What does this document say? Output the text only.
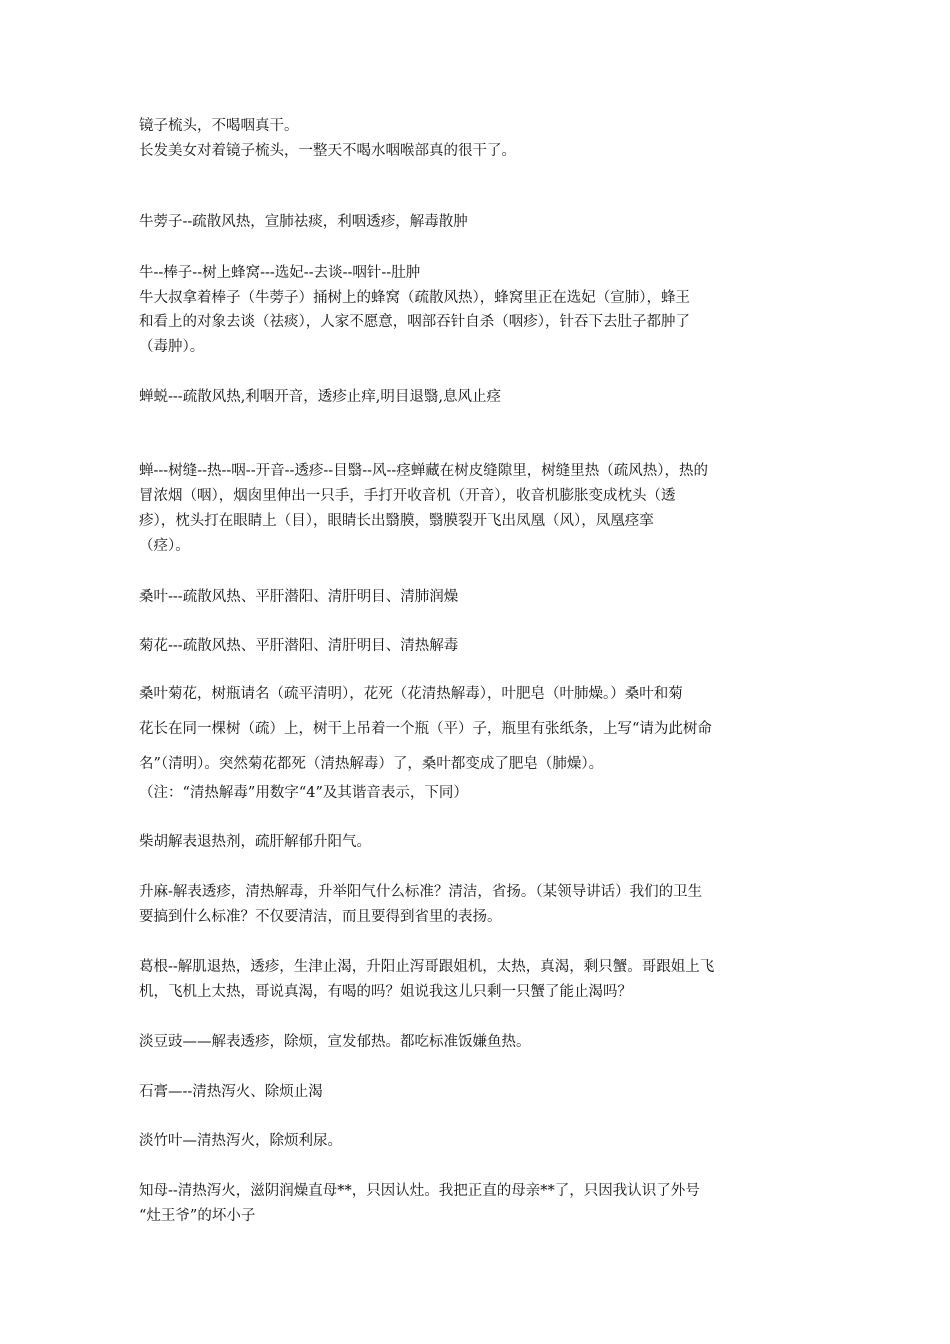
镜子梳头，不喝咽真干。
长发美女对着镜子梳头，一整天不喝水咽喉部真的很干了。
牛蒡子--疏散风热，宣肺祛痰，利咽透疹，解毒散肿
牛--棒子--树上蜂窝---选妃--去谈--咽针--肚肿
牛大叔拿着棒子（牛蒡子）捅树上的蜂窝（疏散风热），蜂窝里正在选妃（宣肺），蜂王
和看上的对象去谈（祛痰），人家不愿意，咽部吞针自杀（咽疹），针吞下去肚子都肿了
（毒肿）。
蝉蜕---疏散风热,利咽开音，透疹止痒,明目退翳,息风止痉
蝉---树缝--热--咽--开音--透疹--目翳--风--痉蝉藏在树皮缝隙里，树缝里热（疏风热），热的
冒浓烟（咽），烟囱里伸出一只手，手打开收音机（开音），收音机膨胀变成枕头（透
疹），枕头打在眼睛上（目），眼睛长出翳膜，翳膜裂开飞出凤凰（风），凤凰痉挛
（痉）。
桑叶---疏散风热、平肝潜阳、清肝明目、清肺润燥
菊花---疏散风热、平肝潜阳、清肝明目、清热解毒
桑叶菊花，树瓶请名（疏平清明），花死（花清热解毒），叶肥皂（叶肺燥。）桑叶和菊
花长在同一棵树（疏）上，树干上吊着一个瓶（平）子，瓶里有张纸条，上写“请为此树命
名”（清明）。突然菊花都死（清热解毒）了，桑叶都变成了肥皂（肺燥）。
（注：“清热解毒”用数字“4”及其谐音表示，下同）
柴胡解表退热剂，疏肝解郁升阳气。
升麻-解表透疹，清热解毒，升举阳气什么标准？清洁，省扬。（某领导讲话）我们的卫生
要搞到什么标准？不仅要清洁，而且要得到省里的表扬。
葛根--解肌退热，透疹，生津止渴，升阳止泻哥跟姐机，太热，真渴，剩只蟹。哥跟姐上飞
机，飞机上太热，哥说真渴，有喝的吗？姐说我这儿只剩一只蟹了能止渴吗？
淡豆豉——解表透疹，除烦，宣发郁热。都吃标准饭嫌鱼热。
石膏—--清热泻火、除烦止渴
淡竹叶—清热泻火，除烦利尿。
知母--清热泻火，滋阴润燥直母**，只因认灶。我把正直的母亲**了，只因我认识了外号
“灶王爷”的坏小子
